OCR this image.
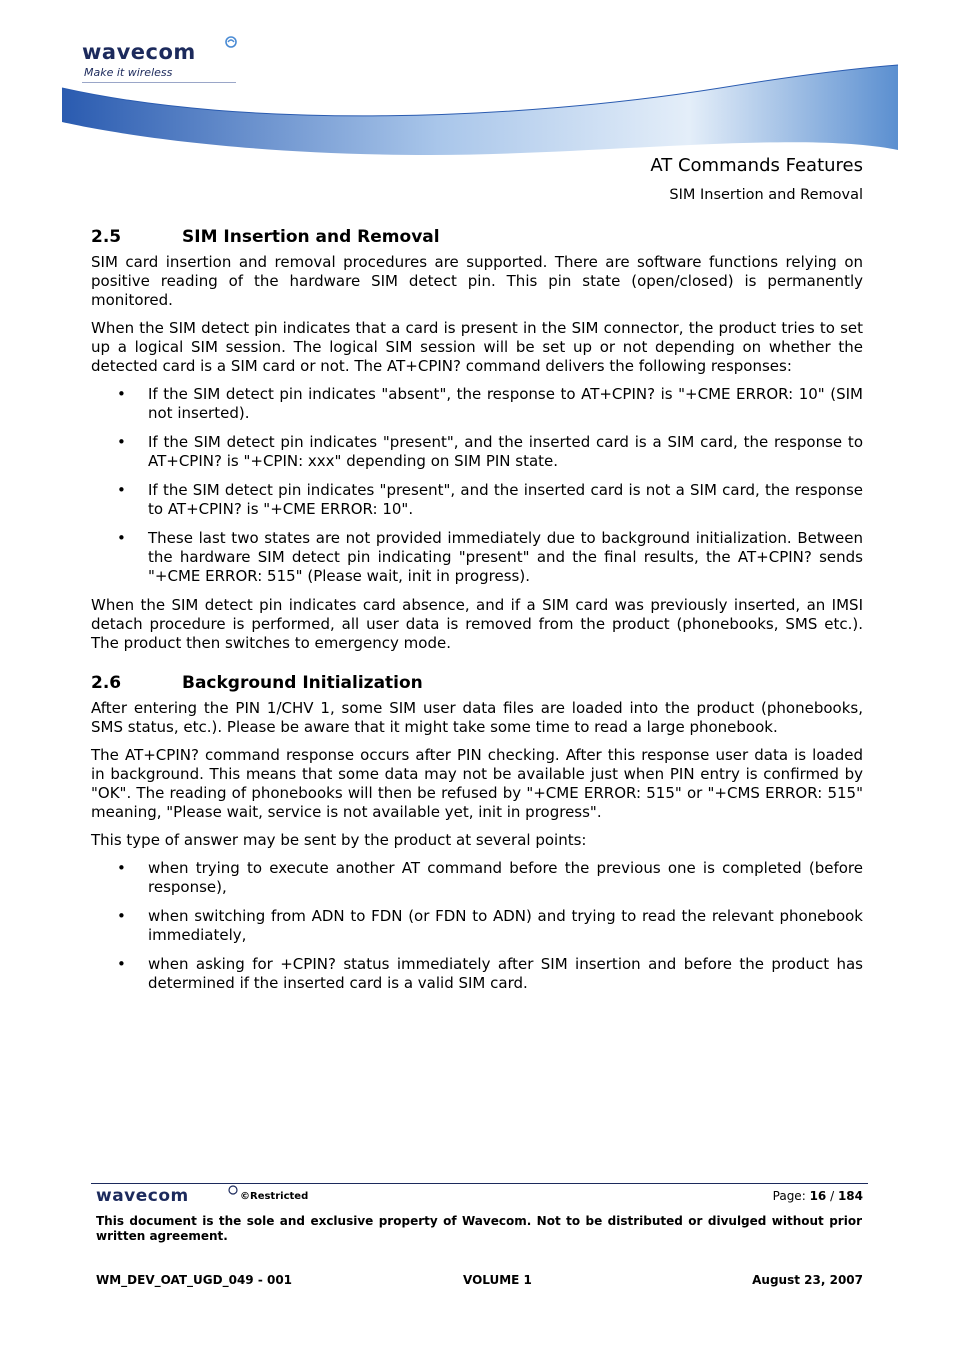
wavecom
Make it wireless
AT Commands Features
SIM Insertion and Removal
2.5	SIM Insertion and Removal

SIM card insertion and removal procedures are supported. There are software functions relying on positive reading of the hardware SIM detect pin. This pin state (open/closed) is permanently monitored.

When the SIM detect pin indicates that a card is present in the SIM connector, the product tries to set up a logical SIM session. The logical SIM session will be set up or not depending on whether the detected card is a SIM card or not. The AT+CPIN? command delivers the following responses:

• If the SIM detect pin indicates "absent", the response to AT+CPIN? is "+CME ERROR: 10" (SIM not inserted).
• If the SIM detect pin indicates "present", and the inserted card is a SIM card, the response to AT+CPIN? is "+CPIN: xxx" depending on SIM PIN state.
• If the SIM detect pin indicates "present", and the inserted card is not a SIM card, the response to AT+CPIN? is "+CME ERROR: 10".
• These last two states are not provided immediately due to background initialization. Between the hardware SIM detect pin indicating "present" and the final results, the AT+CPIN? sends "+CME ERROR: 515" (Please wait, init in progress).

When the SIM detect pin indicates card absence, and if a SIM card was previously inserted, an IMSI detach procedure is performed, all user data is removed from the product (phonebooks, SMS etc.). The product then switches to emergency mode.

2.6	Background Initialization

After entering the PIN 1/CHV 1, some SIM user data files are loaded into the product (phonebooks, SMS status, etc.). Please be aware that it might take some time to read a large phonebook.

The AT+CPIN? command response occurs after PIN checking. After this response user data is loaded in background. This means that some data may not be available just when PIN entry is confirmed by "OK". The reading of phonebooks will then be refused by "+CME ERROR: 515" or "+CMS ERROR: 515" meaning, "Please wait, service is not available yet, init in progress".

This type of answer may be sent by the product at several points:

• when trying to execute another AT command before the previous one is completed (before response),
• when switching from ADN to FDN (or FDN to ADN) and trying to read the relevant phonebook immediately,
• when asking for +CPIN? status immediately after SIM insertion and before the product has determined if the inserted card is a valid SIM card.
wavecom	©Restricted	Page: 16 / 184
This document is the sole and exclusive property of Wavecom. Not to be distributed or divulged without prior written agreement.
WM_DEV_OAT_UGD_049 - 001	VOLUME 1	August 23, 2007
